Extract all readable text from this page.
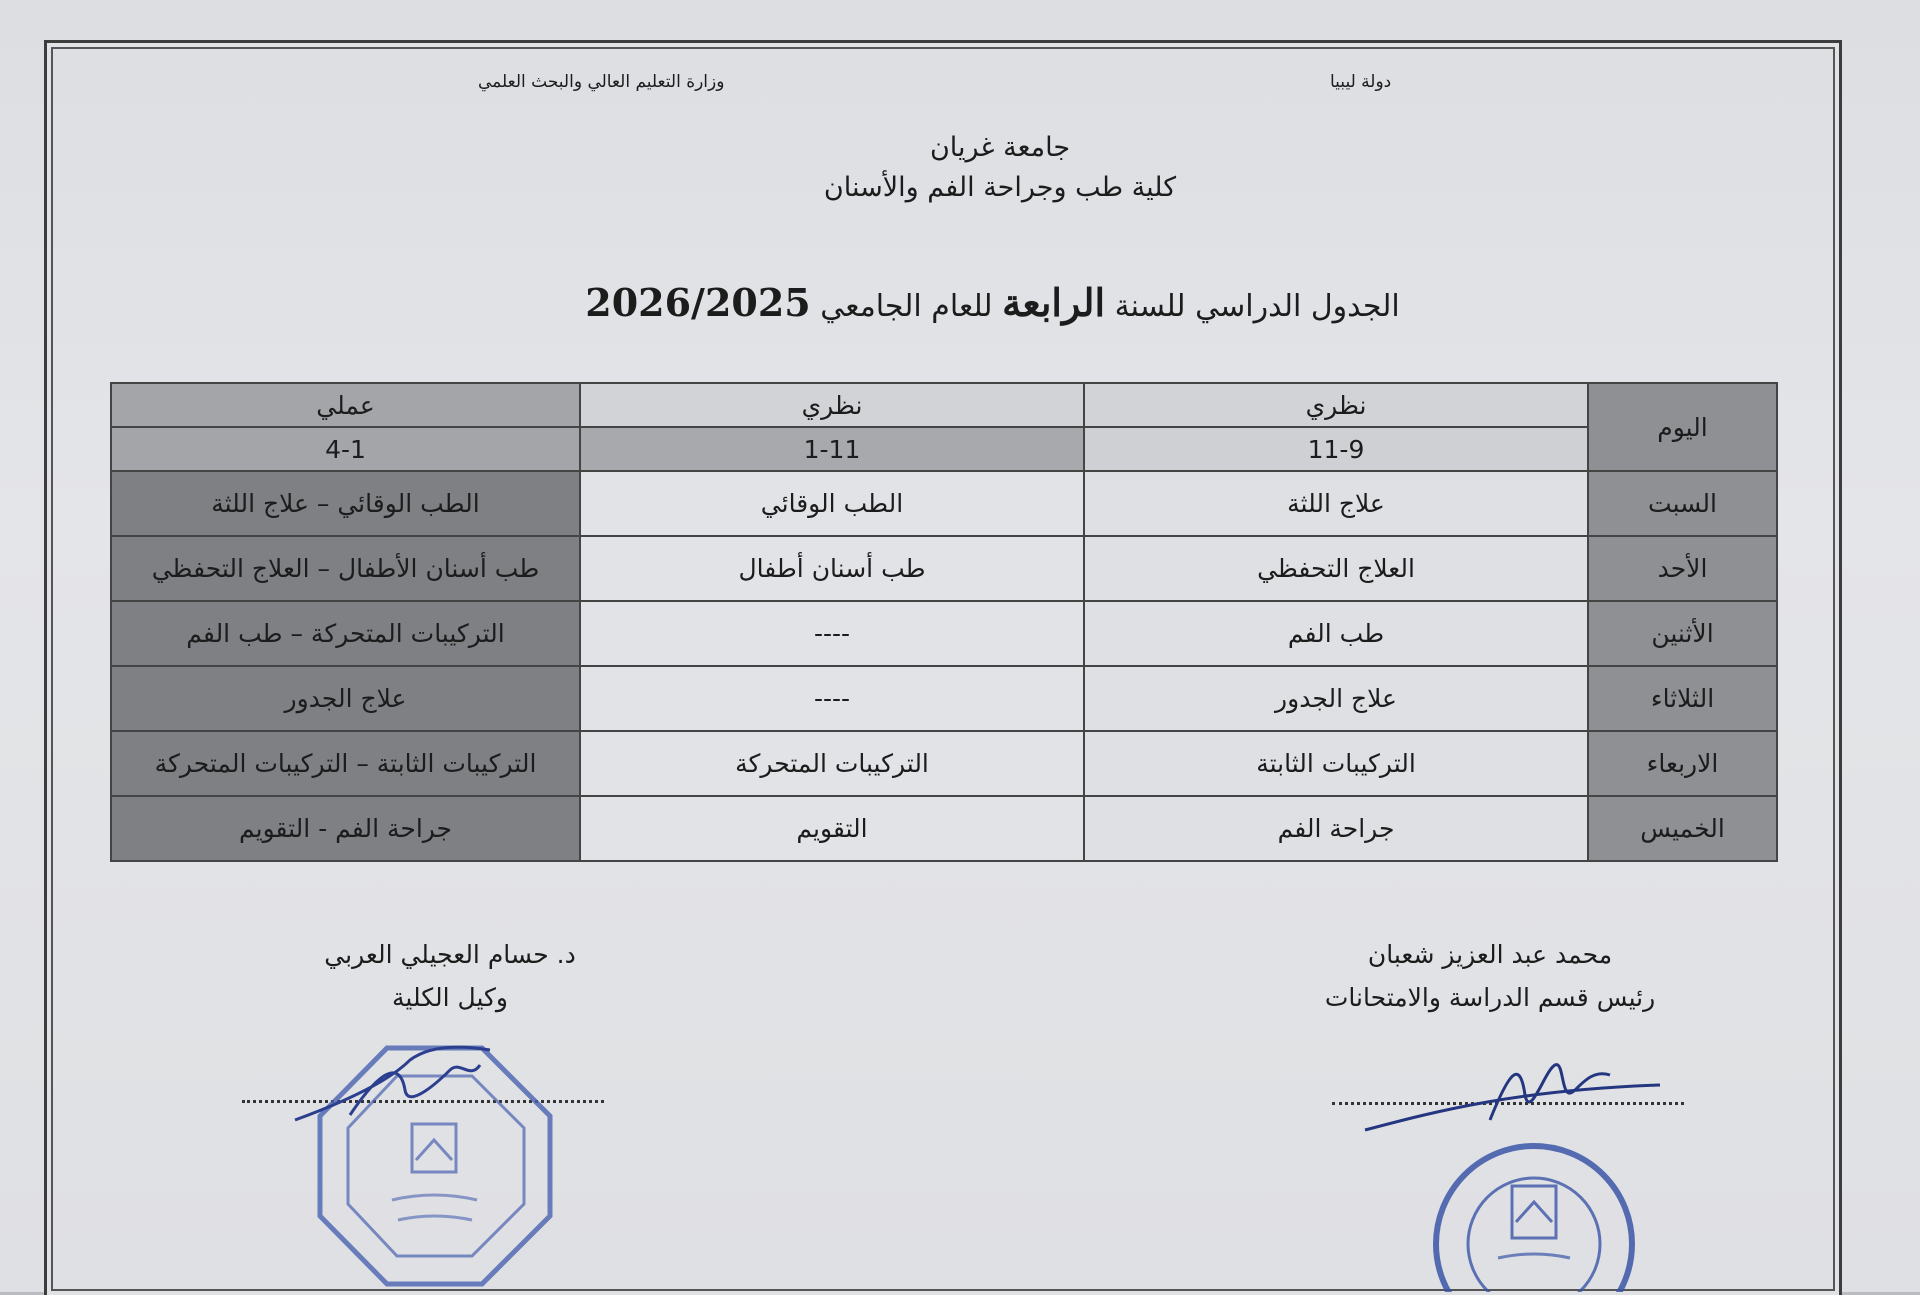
دولة ليبيا
وزارة التعليم العالي والبحث العلمي
جامعة غريان
كلية طب وجراحة الفم والأسنان
الجدول الدراسي للسنة الرابعة للعام الجامعي 2026/2025
اليوم	نظري	نظري	عملي
	11-9	1-11	4-1
السبت	علاج اللثة	الطب الوقائي	الطب الوقائي – علاج اللثة
الأحد	العلاج التحفظي	طب أسنان أطفال	طب أسنان الأطفال – العلاج التحفظي
الأثنين	طب الفم	----	التركيبات المتحركة – طب الفم
الثلاثاء	علاج الجدور	----	علاج الجدور
الاربعاء	التركيبات الثابتة	التركيبات المتحركة	التركيبات الثابتة – التركيبات المتحركة
الخميس	جراحة الفم	التقويم	جراحة الفم - التقويم
محمد عبد العزيز شعبان
رئيس قسم الدراسة والامتحانات
د. حسام العجيلي العربي
وكيل الكلية
